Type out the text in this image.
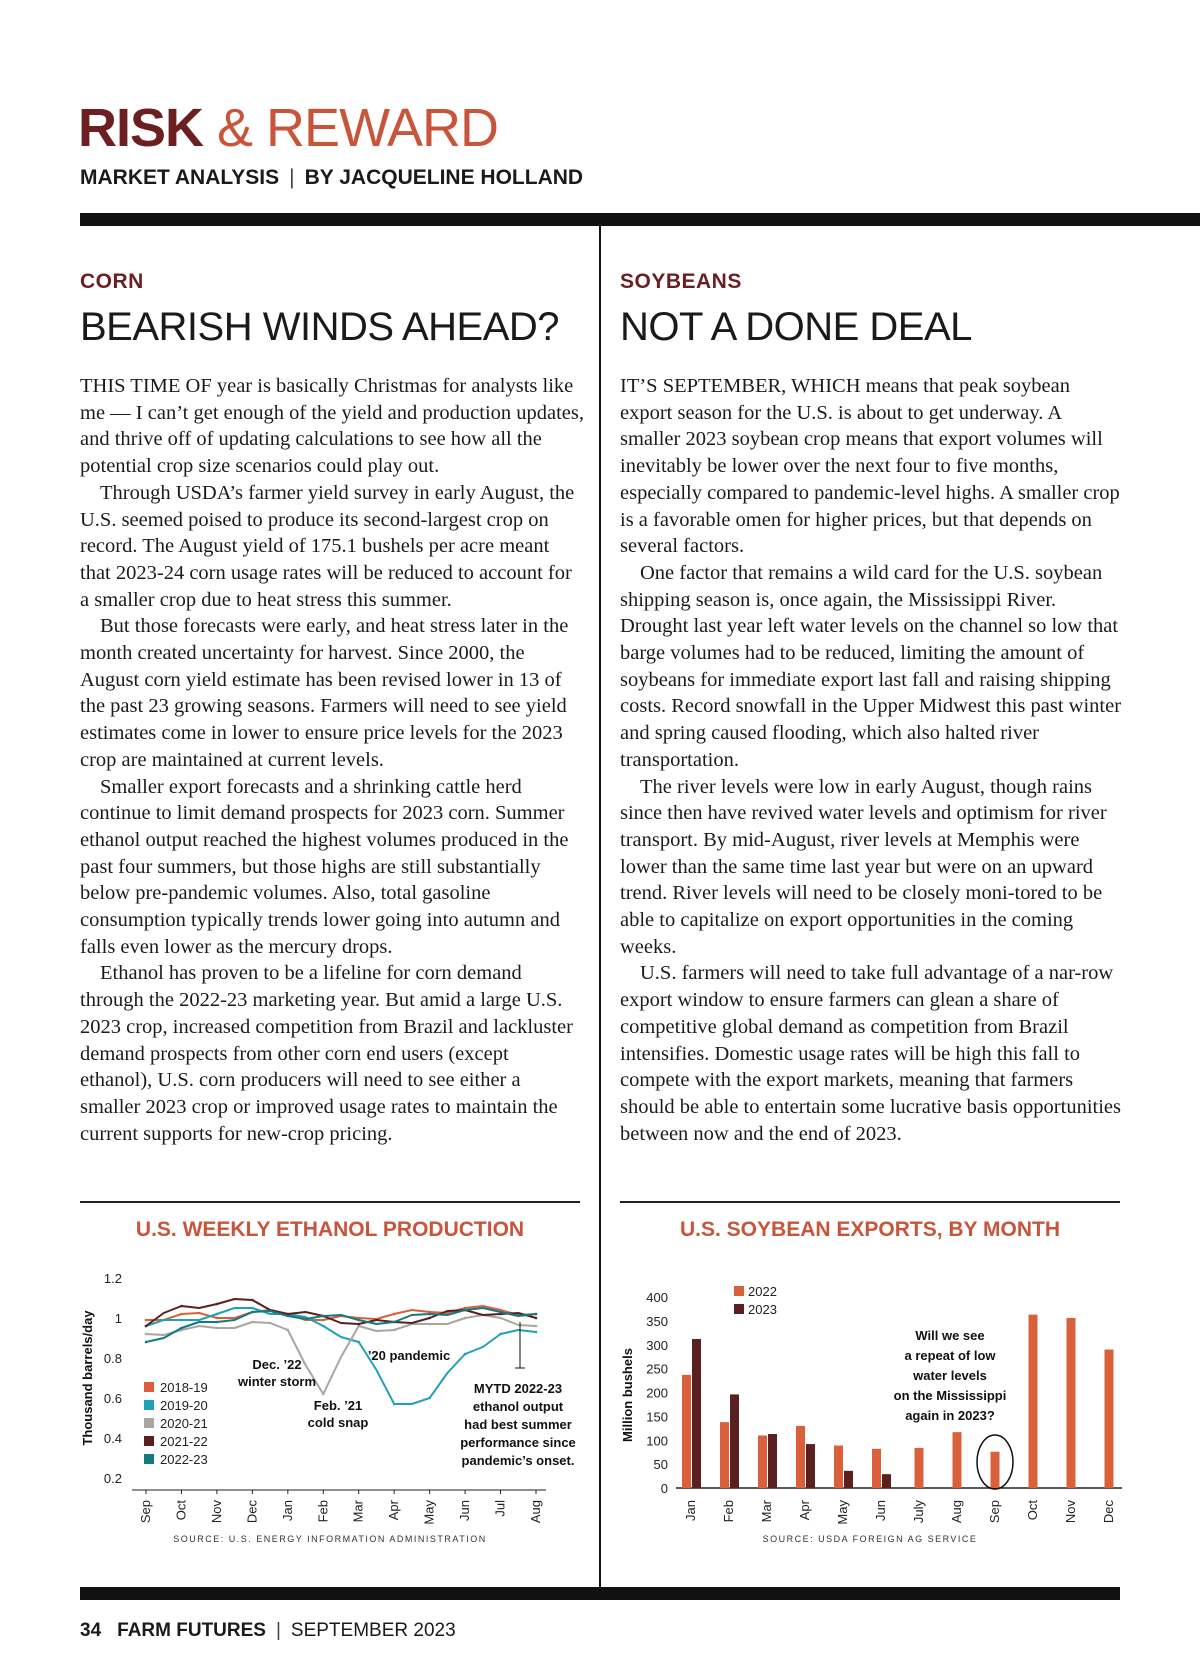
RISK & REWARD
MARKET ANALYSIS | BY JACQUELINE HOLLAND
CORN
BEARISH WINDS AHEAD?

THIS TIME OF year is basically Christmas for analysts like me — I can’t get enough of the yield and production updates, and thrive off of updating calculations to see how all the potential crop size scenarios could play out.

Through USDA’s farmer yield survey in early August, the U.S. seemed poised to produce its second-largest crop on record. The August yield of 175.1 bushels per acre meant that 2023-24 corn usage rates will be reduced to account for a smaller crop due to heat stress this summer.

But those forecasts were early, and heat stress later in the month created uncertainty for harvest. Since 2000, the August corn yield estimate has been revised lower in 13 of the past 23 growing seasons. Farmers will need to see yield estimates come in lower to ensure price levels for the 2023 crop are maintained at current levels.

Smaller export forecasts and a shrinking cattle herd continue to limit demand prospects for 2023 corn. Summer ethanol output reached the highest volumes produced in the past four summers, but those highs are still substantially below pre-pandemic volumes. Also, total gasoline consumption typically trends lower going into autumn and falls even lower as the mercury drops.

Ethanol has proven to be a lifeline for corn demand through the 2022-23 marketing year. But amid a large U.S. 2023 crop, increased competition from Brazil and lackluster demand prospects from other corn end users (except ethanol), U.S. corn producers will need to see either a smaller 2023 crop or improved usage rates to maintain the current supports for new-crop pricing.

SOYBEANS
NOT A DONE DEAL

IT’S SEPTEMBER, WHICH means that peak soybean export season for the U.S. is about to get underway. A smaller 2023 soybean crop means that export volumes will inevitably be lower over the next four to five months, especially compared to pandemic-level highs. A smaller crop is a favorable omen for higher prices, but that depends on several factors.

One factor that remains a wild card for the U.S. soybean shipping season is, once again, the Mississippi River. Drought last year left water levels on the channel so low that barge volumes had to be reduced, limiting the amount of soybeans for immediate export last fall and raising shipping costs. Record snowfall in the Upper Midwest this past winter and spring caused flooding, which also halted river transportation.

The river levels were low in early August, though rains since then have revived water levels and optimism for river transport. By mid-August, river levels at Memphis were lower than the same time last year but were on an upward trend. River levels will need to be closely moni-tored to be able to capitalize on export opportunities in the coming weeks.

U.S. farmers will need to take full advantage of a nar-row export window to ensure farmers can glean a share of competitive global demand as competition from Brazil intensifies. Domestic usage rates will be high this fall to compete with the export markets, meaning that farmers should be able to entertain some lucrative basis opportunities between now and the end of 2023.

U.S. WEEKLY ETHANOL PRODUCTION
1.2
1
0.8
0.6
0.4
0.2
Thousand barrels/day
Sep Oct Nov Dec Jan Feb Mar Apr May Jun Jul Aug
2018-19
2019-20
2020-21
2021-22
2022-23
Dec. ’22
winter storm
’20 pandemic
Feb. ’21
cold snap
MYTD 2022-23
ethanol output
had best summer
performance since
pandemic’s onset.
SOURCE: U.S. ENERGY INFORMATION ADMINISTRATION
U.S. SOYBEAN EXPORTS, BY MONTH
400
350
300
250
200
150
100
50
0
Million bushels
Jan Feb Mar Apr May Jun July Aug Sep Oct Nov Dec
2022
2023
Will we see
a repeat of low
water levels
on the Mississippi
again in 2023?
SOURCE: USDA FOREIGN AG SERVICE
34 FARM FUTURES | SEPTEMBER 2023
